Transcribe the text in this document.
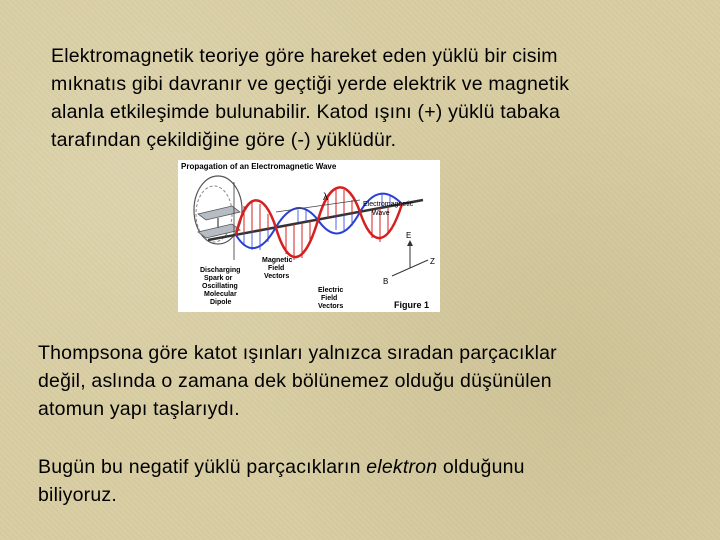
Elektromagnetik teoriye göre hareket eden yüklü bir cisim
mıknatıs gibi davranır ve geçtiği yerde elektrik ve magnetik
alanla etkileşimde bulunabilir. Katod ışını (+) yüklü tabaka
tarafından çekildiğine göre (-) yüklüdür.

Propagation of an Electromagnetic Wave
λ
Electromagnetic
Wave
E
Z
B
Magnetic
Field
Vectors
Electric
Field
Vectors
Discharging
Spark or
Oscillating
Molecular
Dipole	Figure 1

Thompsona göre katot ışınları yalnızca sıradan parçacıklar
değil, aslında o zamana dek bölünemez olduğu düşünülen
atomun yapı taşlarıydı.

Bugün bu negatif yüklü parçacıkların elektron olduğunu
biliyoruz.
